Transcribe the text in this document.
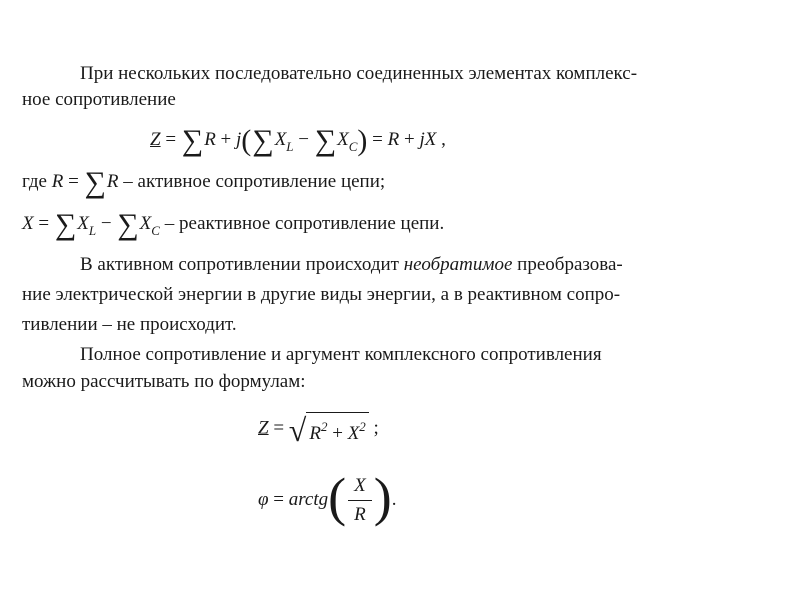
При нескольких последовательно соединенных элементах комплекс-
ное сопротивление
$Z = \sum R + j(\sum X_L - \sum X_C) = R$ + jX ,
где R = ∑R – активное сопротивление цепи;
$X = \sum X_L - \sum X_C$ – реактивное сопротивление цепи.
В активном сопротивлении происходит необратимое преобразова-
ние электрической энергии в другие виды энергии, а в реактивном сопро-
тивлении – не происходит.
Полное сопротивление и аргумент комплексного сопротивления
можно рассчитывать по формулам:
Z = √ $R^2 + X^2$ ;
φ = arctg( $\frac{X}{R}$ ).
